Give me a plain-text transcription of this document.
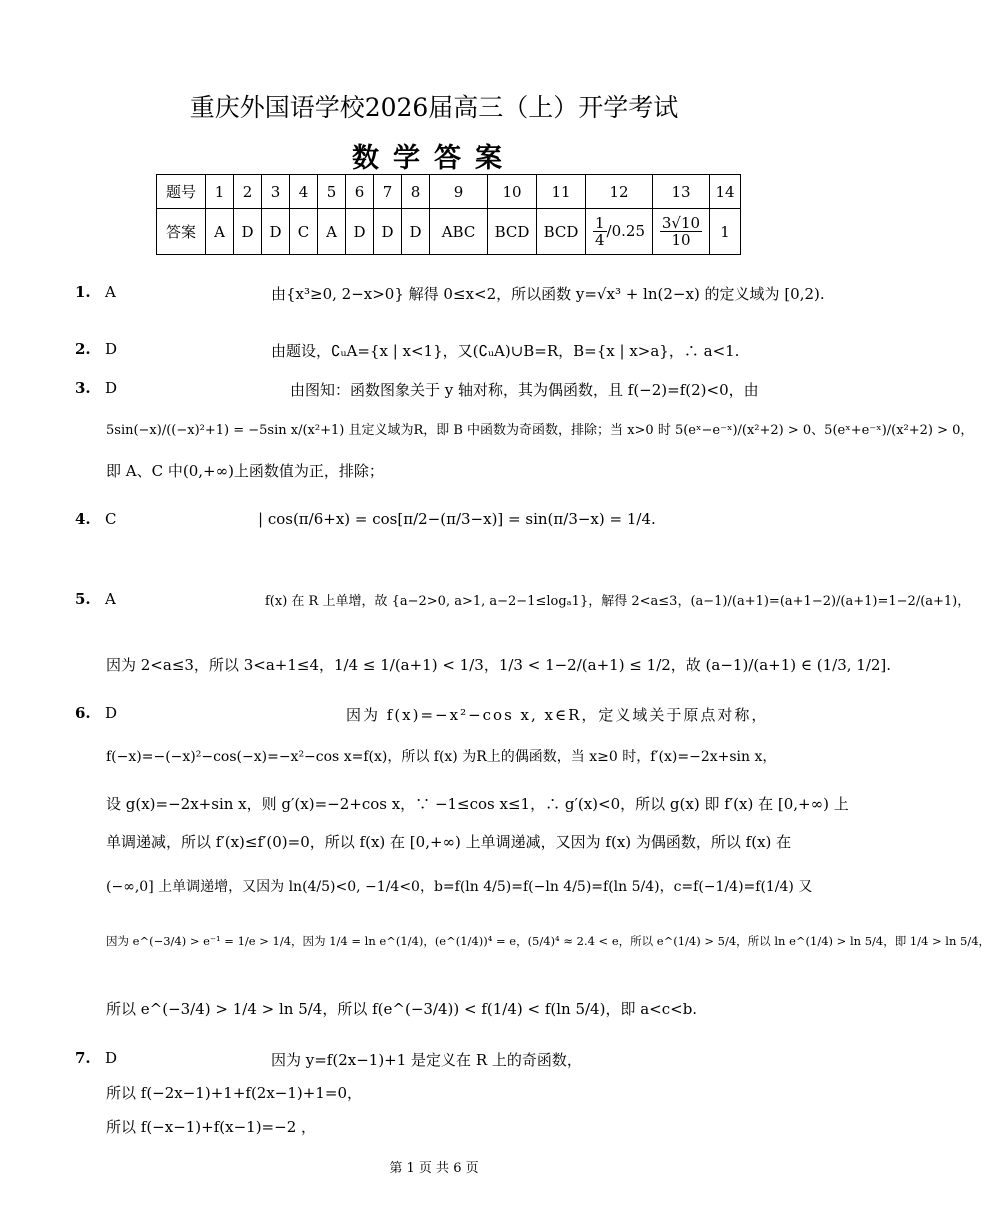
重庆外国语学校2026届高三（上）开学考试
数学答案
题号	1	2	3	4	5	6	7	8	9	10	11	12	13	14
答案	A	D	D	C	A	D	D	D	ABC	BCD	BCD	$\frac{1}{4} /0.25$	$\frac{3√10}{10}$	1
1. A	由{x³≥0, 2−x>0} 解得 0≤x<2，所以函数 y=√x³ + ln(2−x) 的定义域为 [0,2).
2. D	由题设，∁ᵤA={x | x<1}，又(∁ᵤA)∪B=R，B={x | x>a}，∴ a<1.
3. D	由图知：函数图象关于 y 轴对称，其为偶函数，且 f(−2)=f(2)<0，由
5sin(−x)/((−x)²+1) = −5sin x/(x²+1) 且定义域为R，即 B 中函数为奇函数，排除；当 x>0 时 5(eˣ−e⁻ˣ)/(x²+2) > 0、5(eˣ+e⁻ˣ)/(x²+2) > 0，
即 A、C 中(0,+∞)上函数值为正，排除；
4. C	| cos(π/6+x) = cos[π/2−(π/3−x)] = sin(π/3−x) = 1/4.
5. A	f(x) 在 R 上单增，故 {a−2>0, a>1, a−2−1≤logₐ1}，解得 2<a≤3，(a−1)/(a+1)=(a+1−2)/(a+1)=1−2/(a+1)，
因为 2<a≤3，所以 3<a+1≤4，1/4 ≤ 1/(a+1) < 1/3，1/3 < 1−2/(a+1) ≤ 1/2，故 (a−1)/(a+1) ∈ (1/3, 1/2].
6. D	因为 f(x)=−x²−cos x, x∈R，定义域关于原点对称，
f(−x)=−(−x)²−cos(−x)=−x²−cos x=f(x)，所以 f(x) 为R上的偶函数，当 x≥0 时，f′(x)=−2x+sin x，
设 g(x)=−2x+sin x，则 g′(x)=−2+cos x，∵ −1≤cos x≤1，∴ g′(x)<0，所以 g(x) 即 f′(x) 在 [0,+∞) 上
单调递减，所以 f′(x)≤f′(0)=0，所以 f(x) 在 [0,+∞) 上单调递减，又因为 f(x) 为偶函数，所以 f(x) 在
(−∞,0] 上单调递增，又因为 ln(4/5)<0, −1/4<0，b=f(ln 4/5)=f(−ln 4/5)=f(ln 5/4)，c=f(−1/4)=f(1/4) 又
因为 e^(−3/4) > e⁻¹ = 1/e > 1/4，因为 1/4 = ln e^(1/4)，(e^(1/4))⁴ = e，(5/4)⁴ ≈ 2.4 < e，所以 e^(1/4) > 5/4，所以 ln e^(1/4) > ln 5/4，即 1/4 > ln 5/4，
所以 e^(−3/4) > 1/4 > ln 5/4，所以 f(e^(−3/4)) < f(1/4) < f(ln 5/4)，即 a<c<b.
7. D	因为 y=f(2x−1)+1 是定义在 R 上的奇函数，
所以 f(−2x−1)+1+f(2x−1)+1=0，
所以 f(−x−1)+f(x−1)=−2 ，
第 1 页 共 6 页
